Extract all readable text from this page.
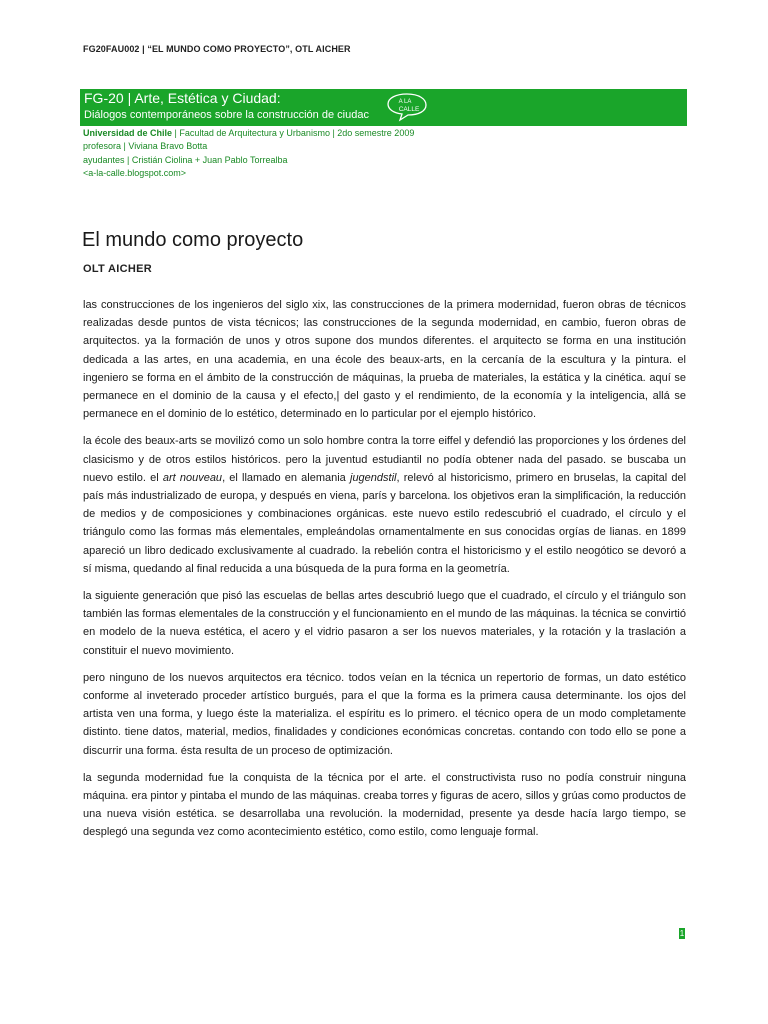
FG20FAU002 | “EL MUNDO COMO PROYECTO”, OTL AICHER
FG-20 | Arte, Estética y Ciudad:
Diálogos contemporáneos sobre la construcción de ciudac
A LA
CALLE
Universidad de Chile | Facultad de Arquitectura y Urbanismo | 2do semestre 2009
profesora | Viviana Bravo Botta
ayudantes | Cristián Ciolina + Juan Pablo Torrealba
<a-la-calle.blogspot.com>
El mundo como proyecto
OLT AICHER

las construcciones de los ingenieros del siglo xix, las construcciones de la primera modernidad, fueron obras de técnicos realizadas desde puntos de vista técnicos; las construcciones de la segunda modernidad, en cambio, fueron obras de arquitectos. ya la formación de unos y otros supone dos mundos diferentes. el arquitecto se forma en una institución dedicada a las artes, en una academia, en una école des beaux-arts, en la cercanía de la escultura y la pintura. el ingeniero se forma en el ámbito de la construcción de máquinas, la prueba de materiales, la estática y la cinética. aquí se permanece en el dominio de la causa y el efecto,| del gasto y el rendimiento, de la economía y la inteligencia, allá se permanece en el dominio de lo estético, determinado en lo particular por el ejemplo histórico.

la école des beaux-arts se movilizó como un solo hombre contra la torre eiffel y defendió las proporciones y los órdenes del clasicismo y de otros estilos históricos. pero la juventud estudiantil no podía obtener nada del pasado. se buscaba un nuevo estilo. el art nouveau, el llamado en alemania jugendstil, relevó al historicismo, primero en bruselas, la capital del país más industrializado de europa, y después en viena, parís y barcelona. los objetivos eran la simplificación, la reducción de medios y de composiciones y combinaciones orgánicas. este nuevo estilo redescubrió el cuadrado, el círculo y el triángulo como las formas más elementales, empleándolas ornamentalmente en sus conocidas orgías de lianas. en 1899 apareció un libro dedicado exclusivamente al cuadrado. la rebelión contra el historicismo y el estilo neogótico se devoró a sí misma, quedando al final reducida a una búsqueda de la pura forma en la geometría.

la siguiente generación que pisó las escuelas de bellas artes descubrió luego que el cuadrado, el círculo y el triángulo son también las formas elementales de la construcción y el funcionamiento en el mundo de las máquinas. la técnica se convirtió en modelo de la nueva estética, el acero y el vidrio pasaron a ser los nuevos materiales, y la rotación y la traslación a constituir el nuevo movimiento.

pero ninguno de los nuevos arquitectos era técnico. todos veían en la técnica un repertorio de formas, un dato estético conforme al inveterado proceder artístico burgués, para el que la forma es la primera causa determinante. los ojos del artista ven una forma, y luego éste la materializa. el espíritu es lo primero. el técnico opera de un modo completamente distinto. tiene datos, material, medios, finalidades y condiciones económicas concretas. contando con todo ello se pone a discurrir una forma. ésta resulta de un proceso de optimización.

la segunda modernidad fue la conquista de la técnica por el arte. el constructivista ruso no podía construir ninguna máquina. era pintor y pintaba el mundo de las máquinas. creaba torres y figuras de acero, sillos y grúas como productos de una nueva visión estética. se desarrollaba una revolución. la modernidad, presente ya desde hacía largo tiempo, se desplegó una segunda vez como acontecimiento estético, como estilo, como lenguaje formal.

1
